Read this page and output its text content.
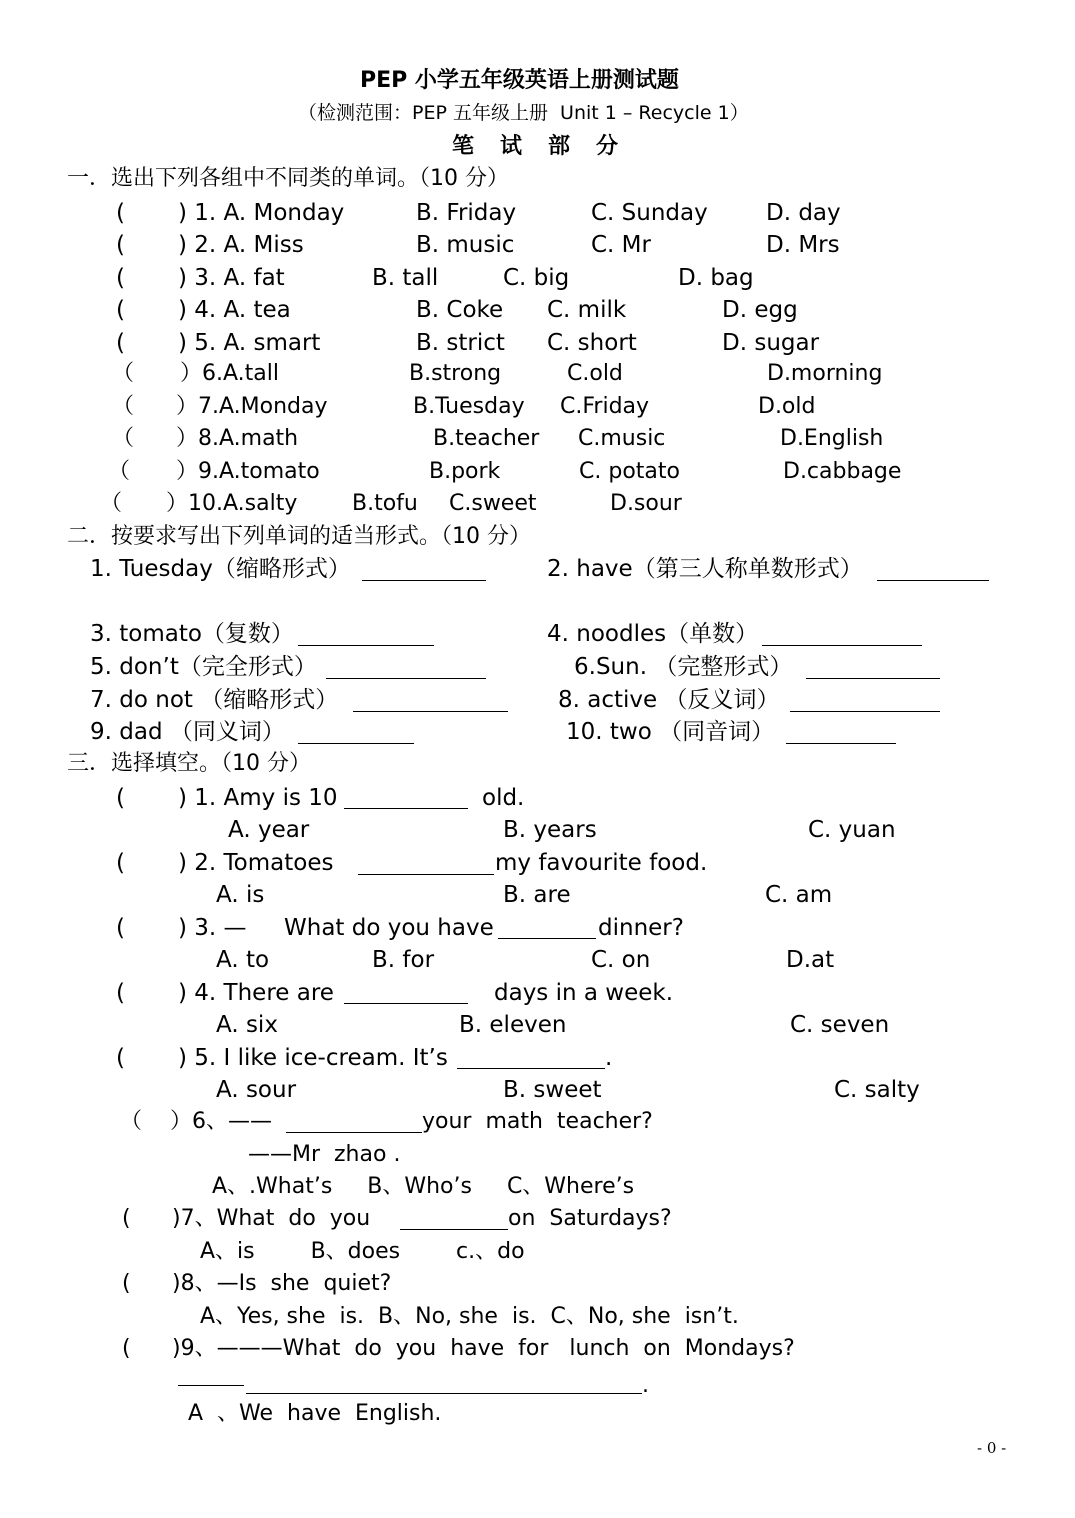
PEP 小学五年级英语上册测试题
（检测范围：PEP 五年级上册  Unit 1 – Recycle 1）
笔试部分
一．选出下列各组中不同类的单词。（10 分）
( ) 1. A. Monday	B. Friday	C. Sunday	D. day
( ) 2. A. Miss	B. music	C. Mr	D. Mrs
( ) 3. A. fat	B. tall	C. big	D. bag
( ) 4. A. tea	B. Coke C. milk	D. egg
( ) 5. A. smart	B. strict C. short	D. sugar
（ ）6.A.tall	B.strong	C.old	D.morning
（ ）7.A.Monday	B.Tuesday C.Friday	D.old
（ ）8.A.math	B.teacher C.music	D.English
（ ）9.A.tomato	B.pork	C. potato	D.cabbage
（ ）10.A.salty B.tofu C.sweet	D.sour
二．按要求写出下列单词的适当形式。（10 分）
1. Tuesday（缩略形式）	2. have（第三人称单数形式）
3. tomato（复数）	4. noodles（单数）
5. don’t（完全形式）	6.Sun. （完整形式）
7. do not （缩略形式）	8. active （反义词）
9. dad （同义词）	10. two （同音词）
三．选择填空。（10 分）
( ) 1. Amy is 10	old.
A. year	B. years	C. yuan
( ) 2. Tomatoes	my favourite food.
A. is	B. are	C. am
( ) 3. — What do you have	dinner?
A. to	B. for	C. on	D.at
( ) 4. There are	days in a week.
A. six	B. eleven	C. seven
( ) 5. I like ice-cream. It’s	.
A. sour	B. sweet	C. salty
（ ）6、——	your  math  teacher?
——Mr  zhao .
A、.What’s     B、Who’s     C、Where’s
( )7、What  do  you	on  Saturdays?
A、is        B、does        c.、do
( )8、—Is  she  quiet?
A、Yes, she  is.  B、No, she  is.  C、No, she  isn’t.
( )9、———What  do  you  have  for   lunch  on  Mondays?
.
A  、We  have  English.
- 0 -
